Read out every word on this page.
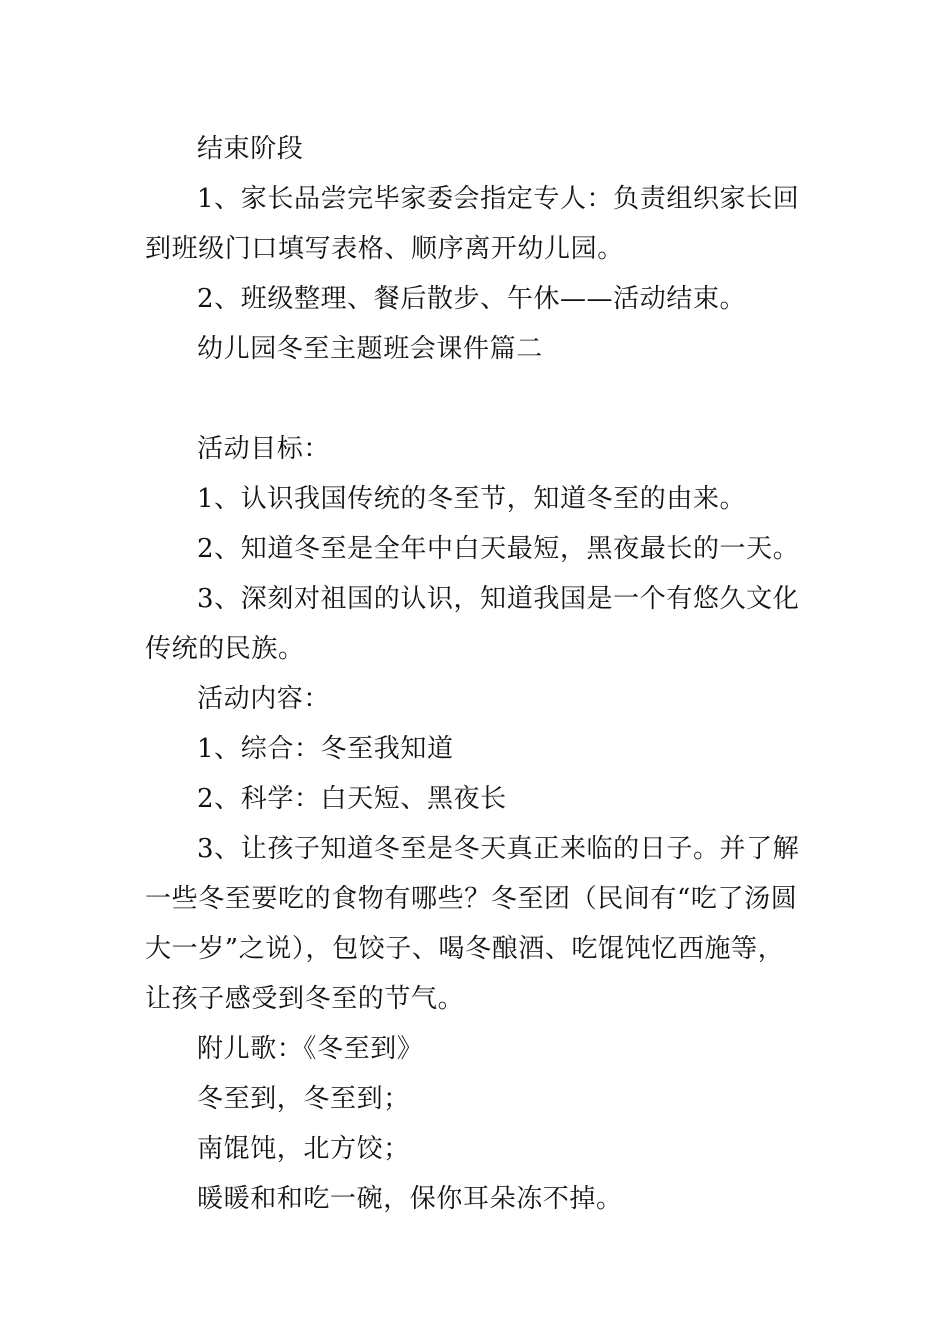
结束阶段

1、家长品尝完毕家委会指定专人：负责组织家长回到班级门口填写表格、顺序离开幼儿园。

2、班级整理、餐后散步、午休——活动结束。

幼儿园冬至主题班会课件篇二

活动目标：

1、认识我国传统的冬至节，知道冬至的由来。

2、知道冬至是全年中白天最短，黑夜最长的一天。

3、深刻对祖国的认识，知道我国是一个有悠久文化传统的民族。

活动内容：

1、综合：冬至我知道

2、科学：白天短、黑夜长

3、让孩子知道冬至是冬天真正来临的日子。并了解一些冬至要吃的食物有哪些？冬至团（民间有“吃了汤圆大一岁”之说），包饺子、喝冬酿酒、吃馄饨忆西施等，让孩子感受到冬至的节气。

附儿歌：《冬至到》

冬至到，冬至到；

南馄饨，北方饺；

暖暖和和吃一碗，保你耳朵冻不掉。
